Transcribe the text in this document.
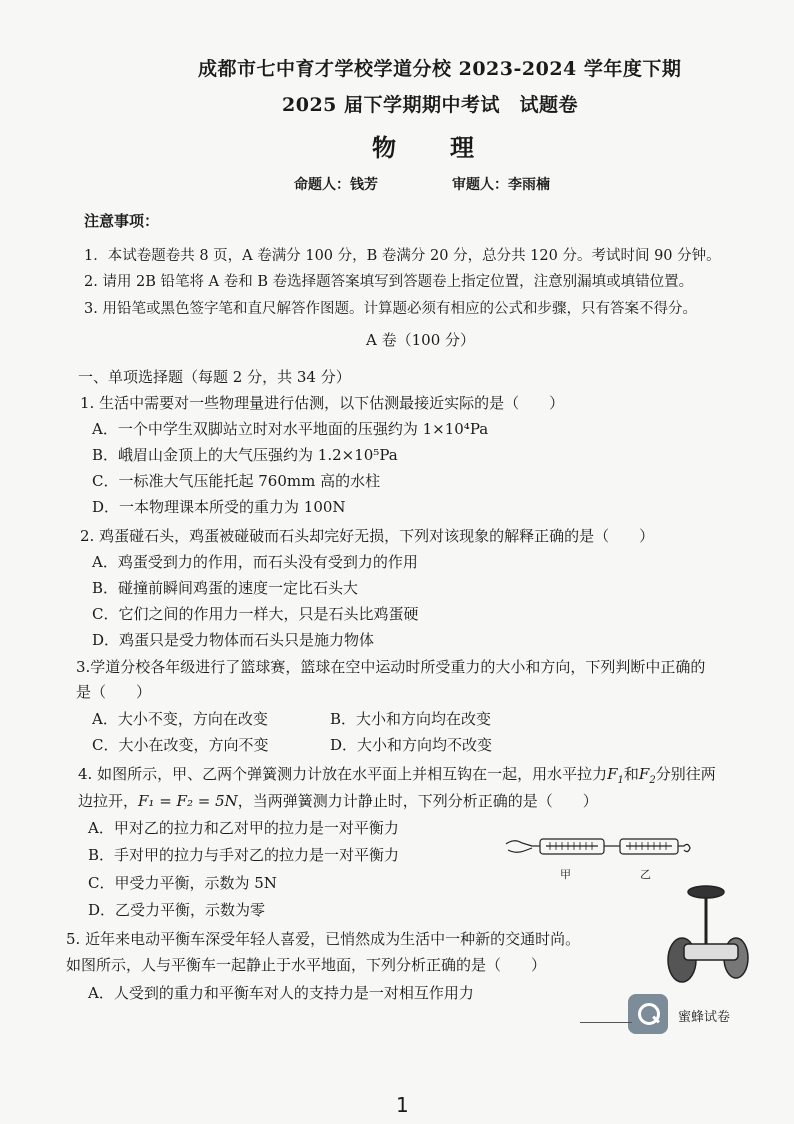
成都市七中育才学校学道分校 2023-2024 学年度下期
2025 届下学期期中考试　试题卷
物　　理
命题人：钱芳	审题人：李雨楠
注意事项：
1．本试卷题卷共 8 页，A 卷满分 100 分，B 卷满分 20 分，总分共 120 分。考试时间 90 分钟。
2. 请用 2B 铅笔将 A 卷和 B 卷选择题答案填写到答题卷上指定位置，注意别漏填或填错位置。
3. 用铅笔或黑色签字笔和直尺解答作图题。计算题必须有相应的公式和步骤，只有答案不得分。
A 卷（100 分）
一、单项选择题（每题 2 分，共 34 分）
1. 生活中需要对一些物理量进行估测，以下估测最接近实际的是（　　）
A．一个中学生双脚站立时对水平地面的压强约为 1×10⁴Pa
B．峨眉山金顶上的大气压强约为 1.2×10⁵Pa
C．一标准大气压能托起 760mm 高的水柱
D．一本物理课本所受的重力为 100N
2. 鸡蛋碰石头，鸡蛋被碰破而石头却完好无损，下列对该现象的解释正确的是（　　）
A．鸡蛋受到力的作用，而石头没有受到力的作用
B．碰撞前瞬间鸡蛋的速度一定比石头大
C．它们之间的作用力一样大，只是石头比鸡蛋硬
D．鸡蛋只是受力物体而石头只是施力物体
3.学道分校各年级进行了篮球赛，篮球在空中运动时所受重力的大小和方向，下列判断中正确的
是（　　）
A．大小不变，方向在改变	B．大小和方向均在改变
C．大小在改变，方向不变	D．大小和方向均不改变
4. 如图所示，甲、乙两个弹簧测力计放在水平面上并相互钩在一起，用水平拉力$F_1$和$F_2$分别往两
边拉开，F₁ = F₂ = 5N，当两弹簧测力计静止时，下列分析正确的是（　　）
A．甲对乙的拉力和乙对甲的拉力是一对平衡力
B．手对甲的拉力与手对乙的拉力是一对平衡力
C．甲受力平衡，示数为 5N
D．乙受力平衡，示数为零
甲	乙
5. 近年来电动平衡车深受年轻人喜爱，已悄然成为生活中一种新的交通时尚。
如图所示，人与平衡车一起静止于水平地面，下列分析正确的是（　　）
A．人受到的重力和平衡车对人的支持力是一对相互作用力
蜜蜂试卷
1
